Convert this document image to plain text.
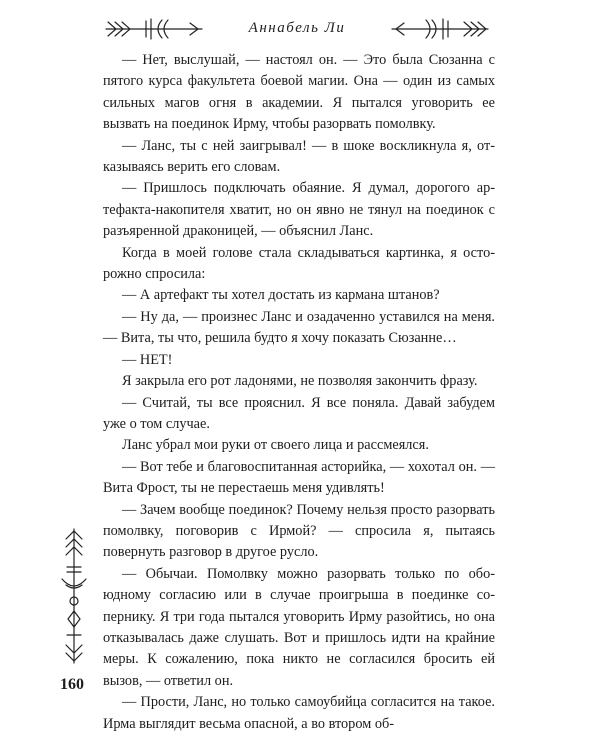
Аннабель Ли

— Нет, выслушай, — настоял он. — Это была Сюзанна с пятого курса факультета боевой магии. Она — один из самых сильных магов огня в академии. Я пытался уговорить ее вызвать на поединок Ирму, чтобы разорвать помолвку.

— Ланс, ты с ней заигрывал! — в шоке воскликнула я, отказываясь верить его словам.

— Пришлось подключать обаяние. Я думал, дорогого артефакта-накопителя хватит, но он явно не тянул на поединок с разъяренной драконицей, — объяснил Ланс.

Когда в моей голове стала складываться картинка, я осторожно спросила:

— А артефакт ты хотел достать из кармана штанов?

— Ну да, — произнес Ланс и озадаченно уставился на меня. — Вита, ты что, решила будто я хочу показать Сюзанне…

— НЕТ!

Я закрыла его рот ладонями, не позволяя закончить фразу.

— Считай, ты все прояснил. Я все поняла. Давай забудем уже о том случае.

Ланс убрал мои руки от своего лица и рассмеялся.

— Вот тебе и благовоспитанная асторийка, — хохотал он. — Вита Фрост, ты не перестаешь меня удивлять!

— Зачем вообще поединок? Почему нельзя просто разорвать помолвку, поговорив с Ирмой? — спросила я, пытаясь повернуть разговор в другое русло.

— Обычаи. Помолвку можно разорвать только по обоюдному согласию или в случае проигрыша в поединке сопернику. Я три года пытался уговорить Ирму разойтись, но она отказывалась даже слушать. Вот и пришлось идти на крайние меры. К сожалению, пока никто не согласился бросить ей вызов, — ответил он.

— Прости, Ланс, но только самоубийца согласится на такое. Ирма выглядит весьма опасной, а во втором об-

160
